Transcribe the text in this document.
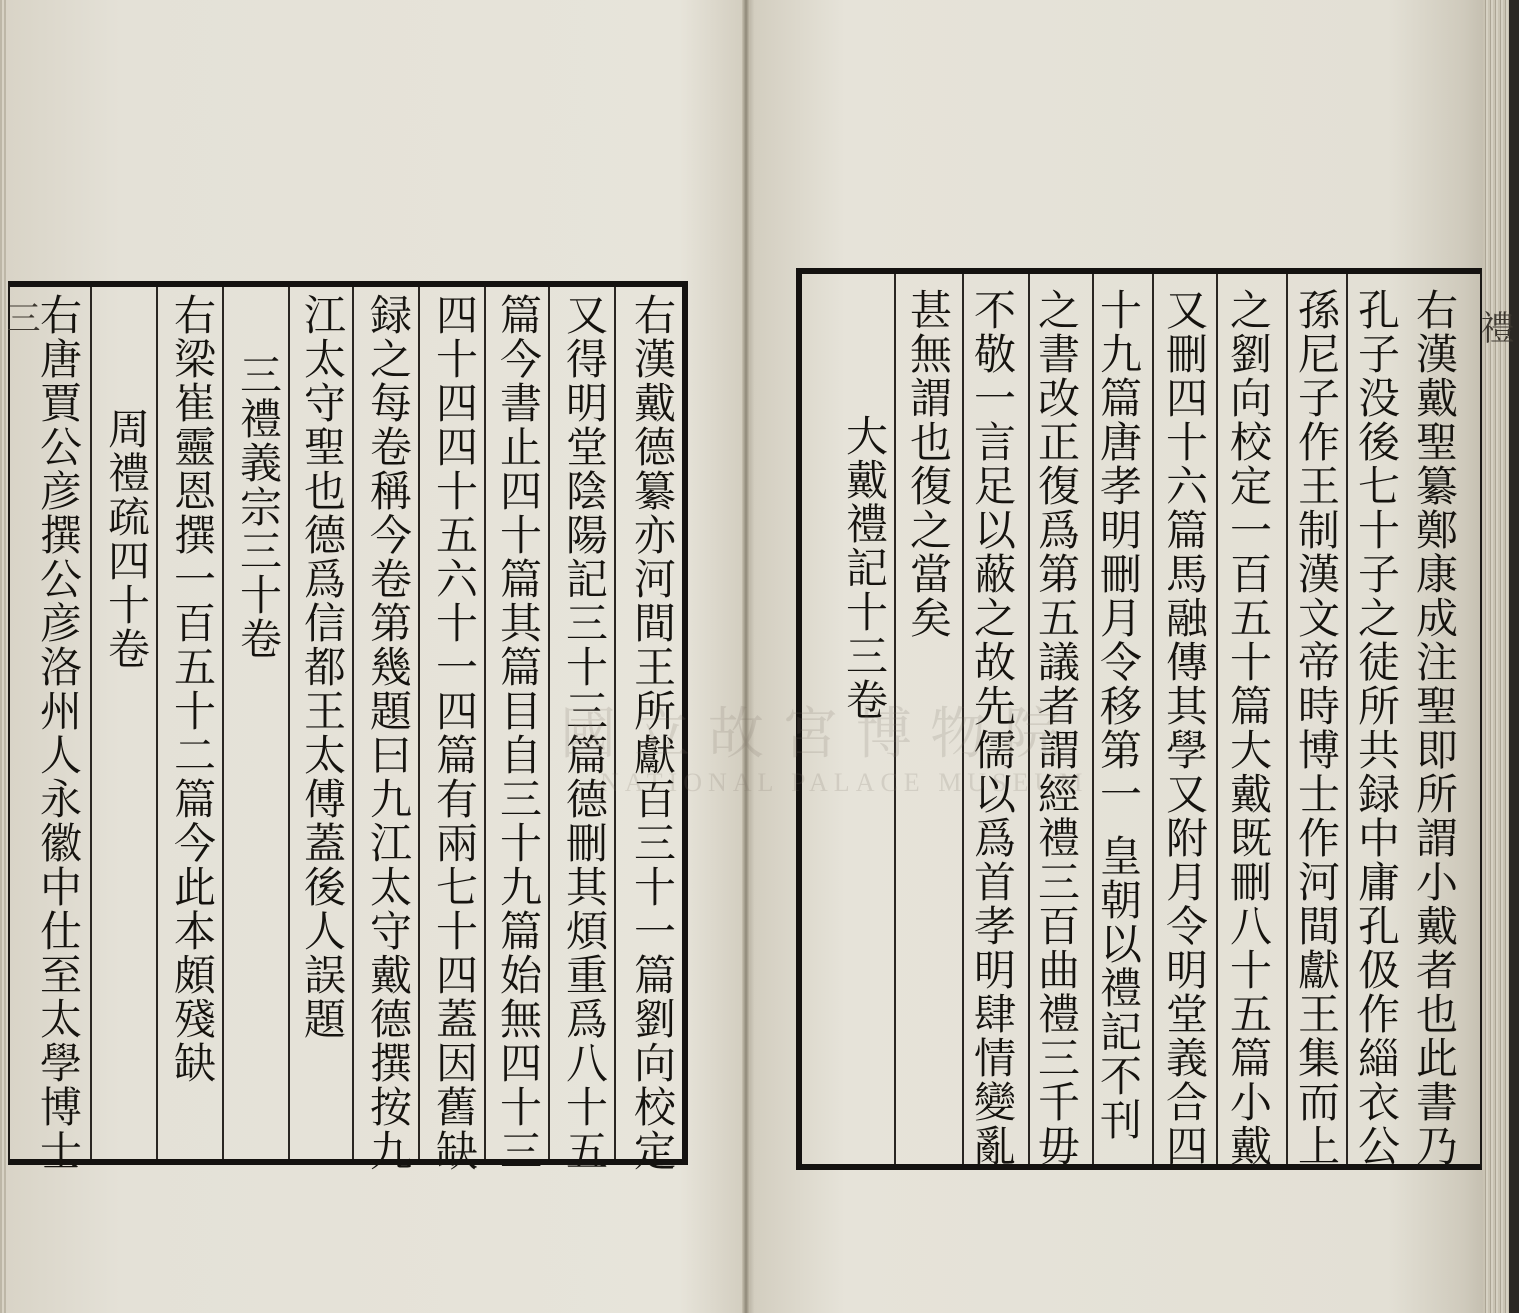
右漢戴德纂亦河間王所獻百三十一篇劉向校定
又得明堂陰陽記三十三篇德刪其煩重爲八十五
篇今書止四十篇其篇目自三十九篇始無四十三
四十四四十五六十一四篇有兩七十四蓋因舊缺
録之每卷稱今卷第幾題曰九江太守戴德撰按九
江太守聖也德爲信都王太傅蓋後人誤題
三禮義宗三十卷
右梁崔靈恩撰一百五十二篇今此本頗殘缺
周禮疏四十卷
右唐賈公彦撰公彦洛州人永徽中仕至太學博士	右漢戴聖纂鄭康成注聖即所謂小戴者也此書乃
孔子没後七十子之徒所共録中庸孔伋作緇衣公
孫尼子作王制漢文帝時博士作河間獻王集而上
之劉向校定一百五十篇大戴既刪八十五篇小戴
又刪四十六篇馬融傳其學又附月令明堂義合四
十九篇唐孝明刪月令移第一
皇朝以禮記不刊
之書改正復爲第五議者謂經禮三百曲禮三千毋
不敬一言足以蔽之故先儒以爲首孝明肆情變亂
甚無謂也復之當矣
大戴禮記十三卷
國立故宮博物院
NATIONAL PALACE MUSEUM
三	禮
